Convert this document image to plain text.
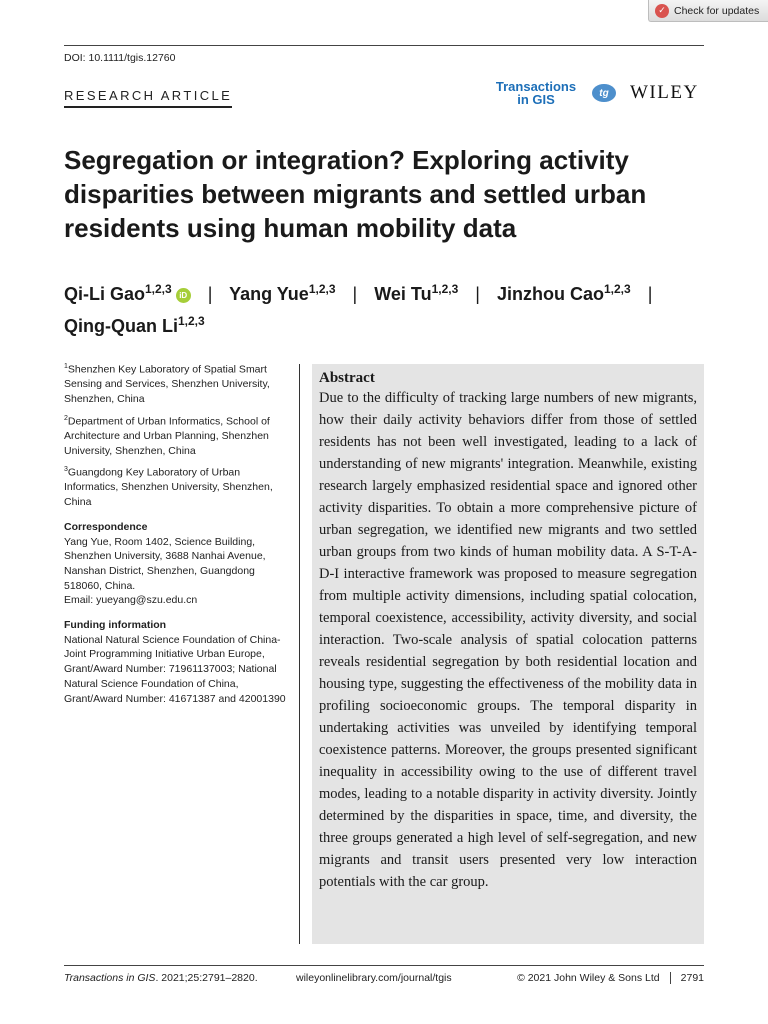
✓ Check for updates
DOI: 10.1111/tgis.12760
RESEARCH ARTICLE
Transactions
in GIS	tg	WILEY
Segregation or integration? Exploring activity disparities between migrants and settled urban residents using human mobility data
Qi-Li Gao$^{1,2,3}$ iD | Yang Yue$^{1,2,3}$ | Wei Tu$^{1,2,3}$ | Jinzhou Cao$^{1,2,3}$ |
Qing-Quan Li$^{1,2,3}$

$^1$Shenzhen Key Laboratory of Spatial Smart Sensing and Services, Shenzhen University, Shenzhen, China

$^2$Department of Urban Informatics, School of Architecture and Urban Planning, Shenzhen University, Shenzhen, China

$^3$Guangdong Key Laboratory of Urban Informatics, Shenzhen University, Shenzhen, China

Correspondence

Yang Yue, Room 1402, Science Building, Shenzhen University, 3688 Nanhai Avenue, Nanshan District, Shenzhen, Guangdong 518060, China.

Email: yueyang@szu.edu.cn

Funding information

National Natural Science Foundation of China-Joint Programming Initiative Urban Europe, Grant/Award Number: 71961137003; National Natural Science Foundation of China, Grant/Award Number: 41671387 and 42001390

Abstract

Due to the difficulty of tracking large numbers of new migrants, how their daily activity behaviors differ from those of settled residents has not been well investigated, leading to a lack of understanding of new migrants' integration. Meanwhile, existing research largely emphasized residential space and ignored other activity disparities. To obtain a more comprehensive picture of urban segregation, we identified new migrants and two settled urban groups from two kinds of human mobility data. A S-T-A-D-I interactive framework was proposed to measure segregation from multiple activity dimensions, including spatial colocation, temporal coexistence, accessibility, activity diversity, and social interaction. Two-scale analysis of spatial colocation patterns reveals residential segregation by both residential location and housing type, suggesting the effectiveness of the mobility data in profiling socioeconomic groups. The temporal disparity in undertaking activities was unveiled by identifying temporal coexistence patterns. Moreover, the groups presented significant inequality in accessibility owing to the use of different travel modes, leading to a notable disparity in activity diversity. Jointly determined by the disparities in space, time, and diversity, the three groups generated a high level of self-segregation, and new migrants and transit users presented very low interaction potentials with the car group.

Transactions in GIS. 2021;25:2791–2820.	wileyonlinelibrary.com/journal/tgis	© 2021 John Wiley & Sons Ltd	2791
